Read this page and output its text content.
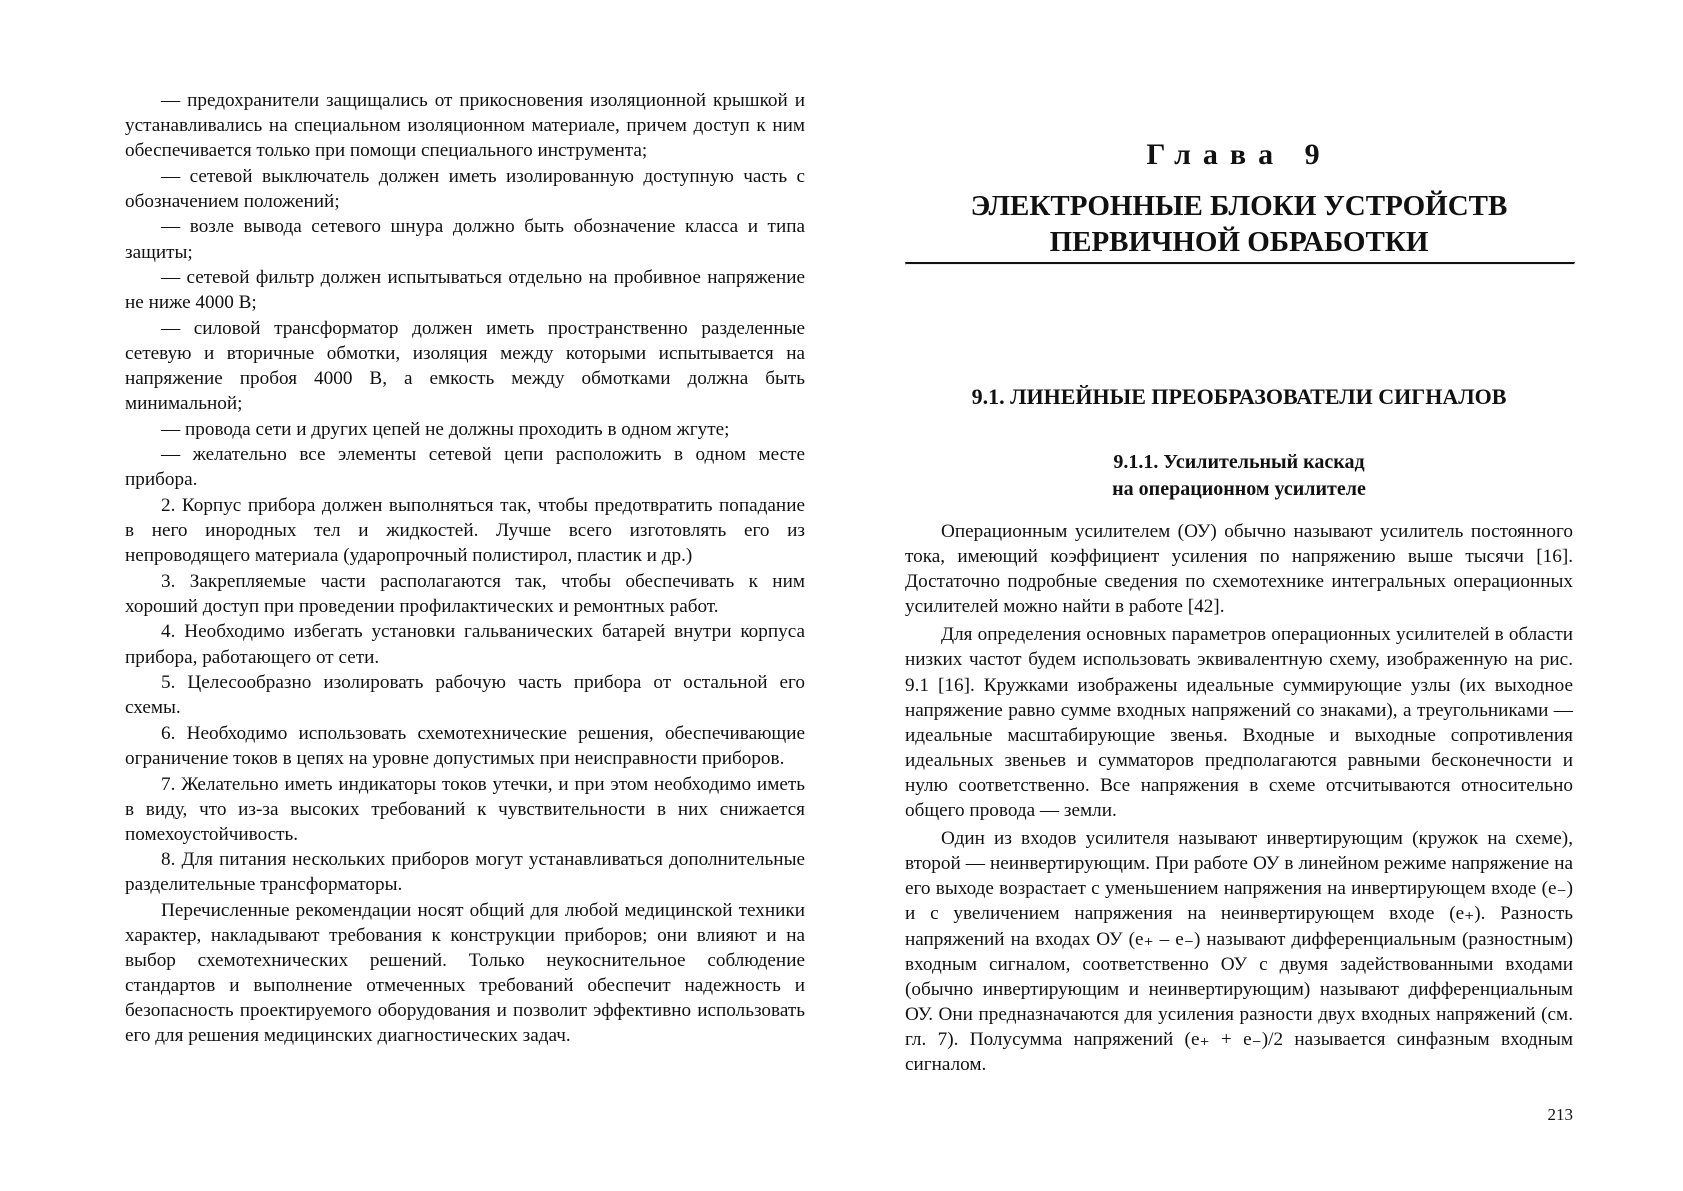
— предохранители защищались от прикосновения изоляционной крышкой и устанавливались на специальном изоляционном материале, причем доступ к ним обеспечивается только при помощи специального инструмента;

— сетевой выключатель должен иметь изолированную доступную часть с обозначением положений;

— возле вывода сетевого шнура должно быть обозначение класса и типа защиты;

— сетевой фильтр должен испытываться отдельно на пробивное напряжение не ниже 4000 В;

— силовой трансформатор должен иметь пространственно разделенные сетевую и вторичные обмотки, изоляция между которыми испытывается на напряжение пробоя 4000 В, а емкость между обмотками должна быть минимальной;

— провода сети и других цепей не должны проходить в одном жгуте;

— желательно все элементы сетевой цепи расположить в одном месте прибора.

2. Корпус прибора должен выполняться так, чтобы предотвратить попадание в него инородных тел и жидкостей. Лучше всего изготовлять его из непроводящего материала (ударопрочный полистирол, пластик и др.)

3. Закрепляемые части располагаются так, чтобы обеспечивать к ним хороший доступ при проведении профилактических и ремонтных работ.

4. Необходимо избегать установки гальванических батарей внутри корпуса прибора, работающего от сети.

5. Целесообразно изолировать рабочую часть прибора от остальной его схемы.

6. Необходимо использовать схемотехнические решения, обеспечивающие ограничение токов в цепях на уровне допустимых при неисправности приборов.

7. Желательно иметь индикаторы токов утечки, и при этом необходимо иметь в виду, что из-за высоких требований к чувствительности в них снижается помехоустойчивость.

8. Для питания нескольких приборов могут устанавливаться дополнительные разделительные трансформаторы.

Перечисленные рекомендации носят общий для любой медицинской техники характер, накладывают требования к конструкции приборов; они влияют и на выбор схемотехнических решений. Только неукоснительное соблюдение стандартов и выполнение отмеченных требований обеспечит надежность и безопасность проектируемого оборудования и позволит эффективно использовать его для решения медицинских диагностических задач.

Глава 9
ЭЛЕКТРОННЫЕ БЛОКИ УСТРОЙСТВ
ПЕРВИЧНОЙ ОБРАБОТКИ
9.1. ЛИНЕЙНЫЕ ПРЕОБРАЗОВАТЕЛИ СИГНАЛОВ
9.1.1. Усилительный каскад
на операционном усилителе

Операционным усилителем (ОУ) обычно называют усилитель постоянного тока, имеющий коэффициент усиления по напряжению выше тысячи [16]. Достаточно подробные сведения по схемотехнике интегральных операционных усилителей можно найти в работе [42].

Для определения основных параметров операционных усилителей в области низких частот будем использовать эквивалентную схему, изображенную на рис. 9.1 [16]. Кружками изображены идеальные суммирующие узлы (их выходное напряжение равно сумме входных напряжений со знаками), а треугольниками — идеальные масштабирующие звенья. Входные и выходные сопротивления идеальных звеньев и сумматоров предполагаются равными бесконечности и нулю соответственно. Все напряжения в схеме отсчитываются относительно общего провода — земли.

Один из входов усилителя называют инвертирующим (кружок на схеме), второй — неинвертирующим. При работе ОУ в линейном режиме напряжение на его выходе возрастает с уменьшением напряжения на инвертирующем входе (e₋) и с увеличением напряжения на неинвертирующем входе (e₊). Разность напряжений на входах ОУ (e₊ – e₋) называют дифференциальным (разностным) входным сигналом, соответственно ОУ с двумя задействованными входами (обычно инвертирующим и неинвертирующим) называют дифференциальным ОУ. Они предназначаются для усиления разности двух входных напряжений (см. гл. 7). Полусумма напряжений (e₊ + e₋)/2 называется синфазным входным сигналом.

213
